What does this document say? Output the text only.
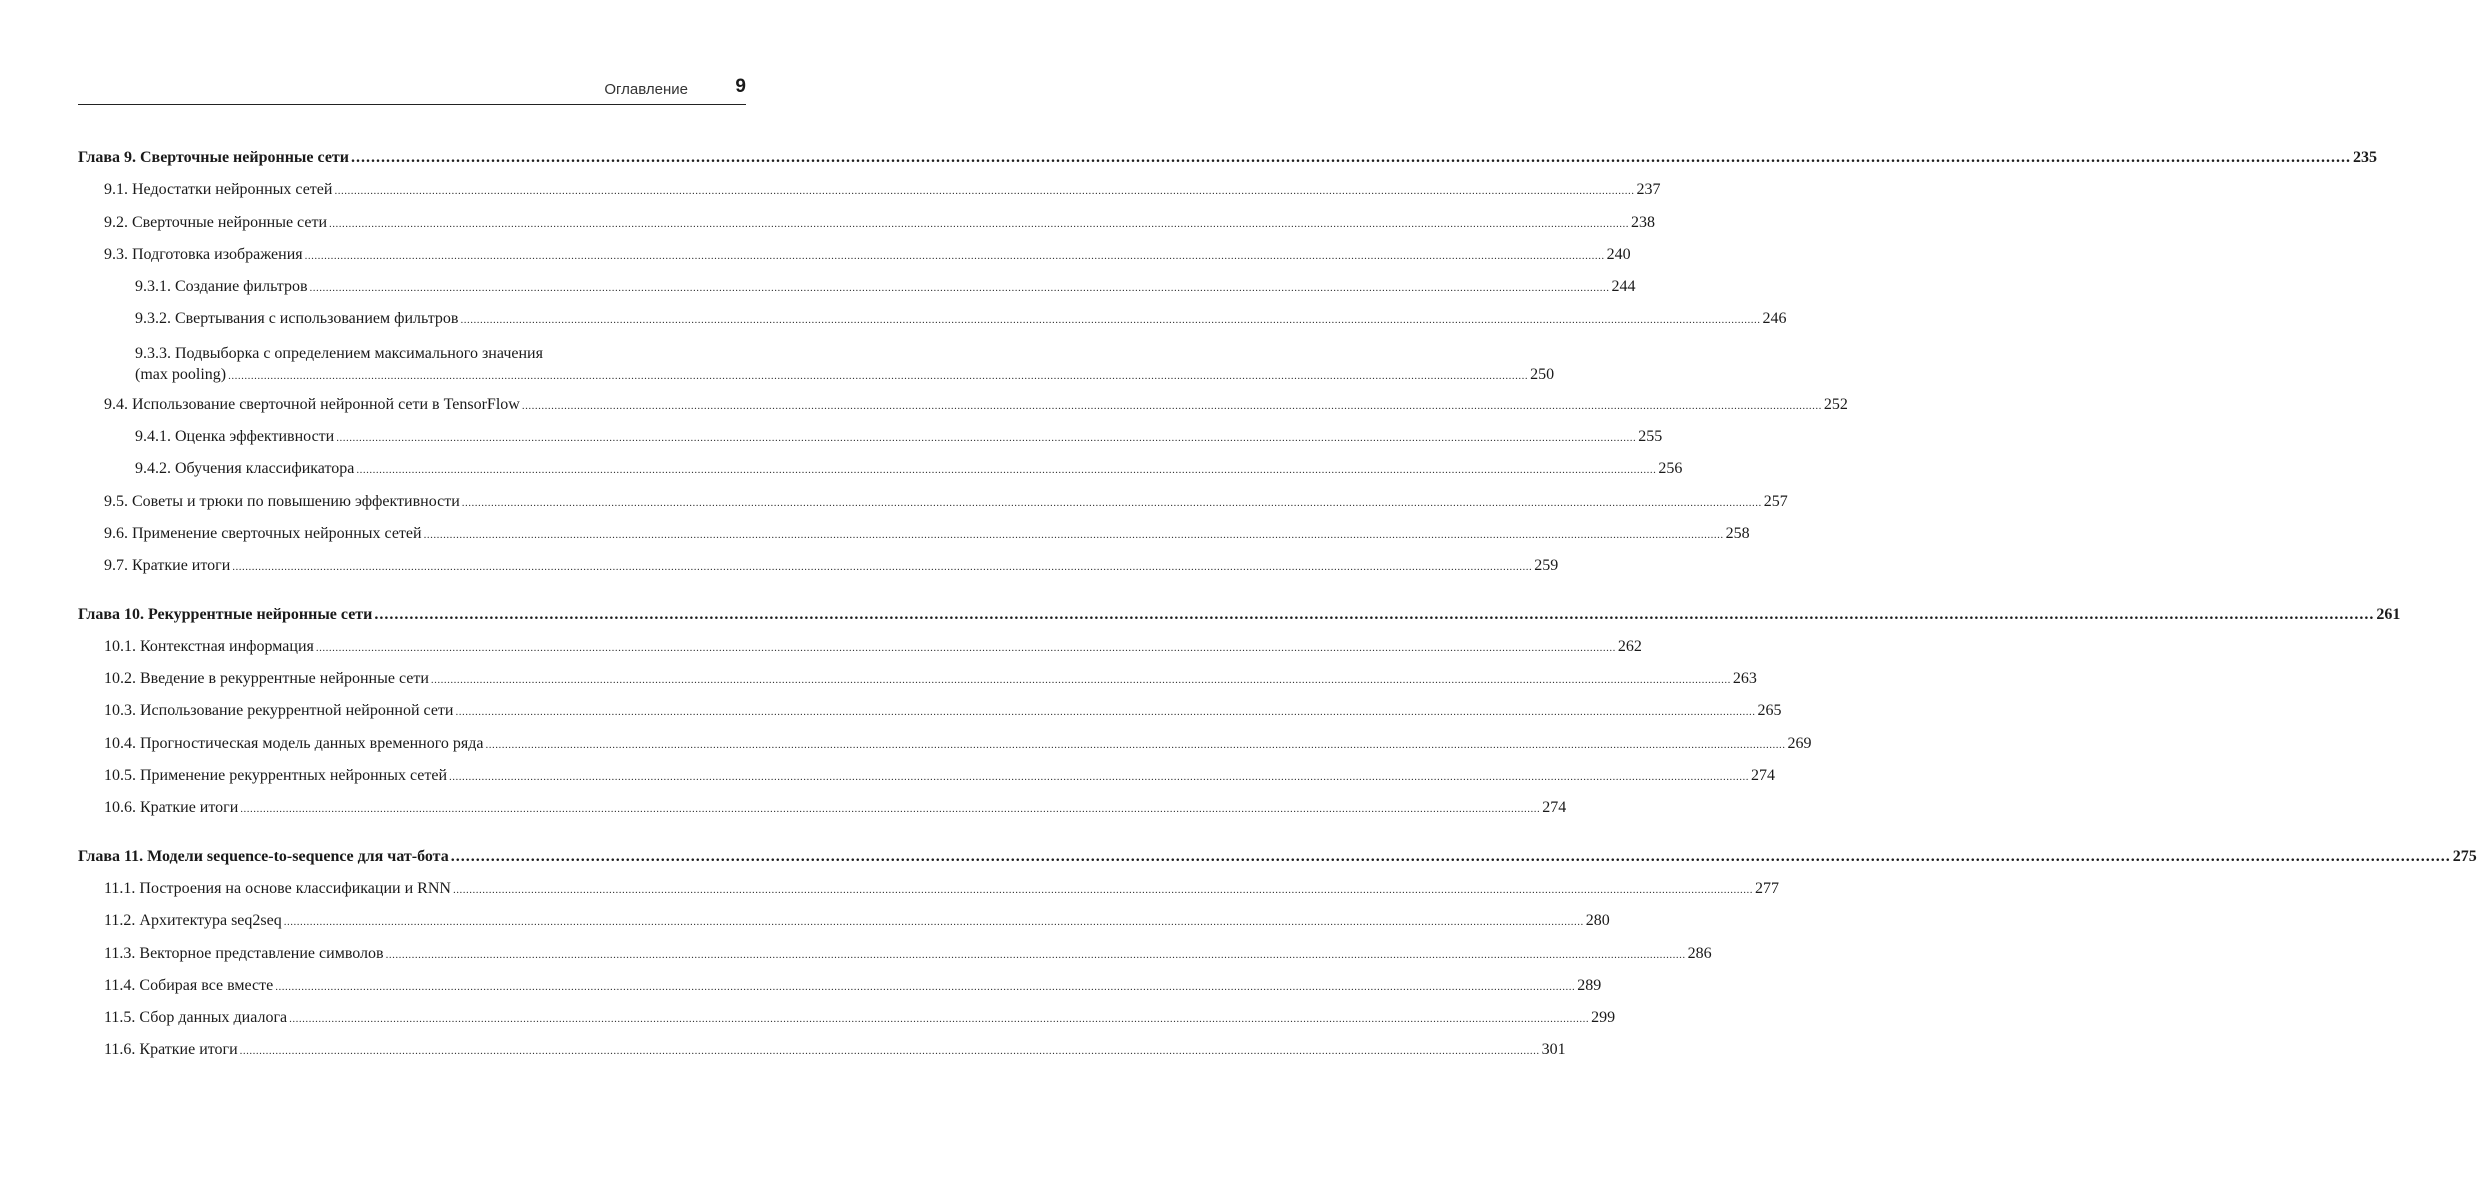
Оглавление 9
Глава 9. Сверточные нейронные сети ................................................................................................................................................................................................................................................................................................................................................................................................................ 235
9.1. Недостатки нейронных сетей ................................................................................................................................................................................................................................................................................................................................................................................................................ 237
9.2. Сверточные нейронные сети ................................................................................................................................................................................................................................................................................................................................................................................................................ 238
9.3. Подготовка изображения ................................................................................................................................................................................................................................................................................................................................................................................................................ 240
9.3.1. Создание фильтров ................................................................................................................................................................................................................................................................................................................................................................................................................ 244
9.3.2. Свертывания с использованием фильтров ................................................................................................................................................................................................................................................................................................................................................................................................................ 246
9.3.3. Подвыборка с определением максимального значения
(max pooling) ................................................................................................................................................................................................................................................................................................................................................................................................................ 250
9.4. Использование сверточной нейронной сети в TensorFlow ................................................................................................................................................................................................................................................................................................................................................................................................................ 252
9.4.1. Оценка эффективности ................................................................................................................................................................................................................................................................................................................................................................................................................ 255
9.4.2. Обучения классификатора ................................................................................................................................................................................................................................................................................................................................................................................................................ 256
9.5. Советы и трюки по повышению эффективности ................................................................................................................................................................................................................................................................................................................................................................................................................ 257
9.6. Применение сверточных нейронных сетей ................................................................................................................................................................................................................................................................................................................................................................................................................ 258
9.7. Краткие итоги ................................................................................................................................................................................................................................................................................................................................................................................................................ 259
Глава 10. Рекуррентные нейронные сети ................................................................................................................................................................................................................................................................................................................................................................................................................ 261
10.1. Контекстная информация ................................................................................................................................................................................................................................................................................................................................................................................................................ 262
10.2. Введение в рекуррентные нейронные сети ................................................................................................................................................................................................................................................................................................................................................................................................................ 263
10.3. Использование рекуррентной нейронной сети ................................................................................................................................................................................................................................................................................................................................................................................................................ 265
10.4. Прогностическая модель данных временного ряда ................................................................................................................................................................................................................................................................................................................................................................................................................ 269
10.5. Применение рекуррентных нейронных сетей ................................................................................................................................................................................................................................................................................................................................................................................................................ 274
10.6. Краткие итоги ................................................................................................................................................................................................................................................................................................................................................................................................................ 274
Глава 11. Модели sequence-to-sequence для чат-бота ................................................................................................................................................................................................................................................................................................................................................................................................................ 275
11.1. Построения на основе классификации и RNN ................................................................................................................................................................................................................................................................................................................................................................................................................ 277
11.2. Архитектура seq2seq ................................................................................................................................................................................................................................................................................................................................................................................................................ 280
11.3. Векторное представление символов ................................................................................................................................................................................................................................................................................................................................................................................................................ 286
11.4. Собирая все вместе ................................................................................................................................................................................................................................................................................................................................................................................................................ 289
11.5. Сбор данных диалога ................................................................................................................................................................................................................................................................................................................................................................................................................ 299
11.6. Краткие итоги ................................................................................................................................................................................................................................................................................................................................................................................................................ 301
